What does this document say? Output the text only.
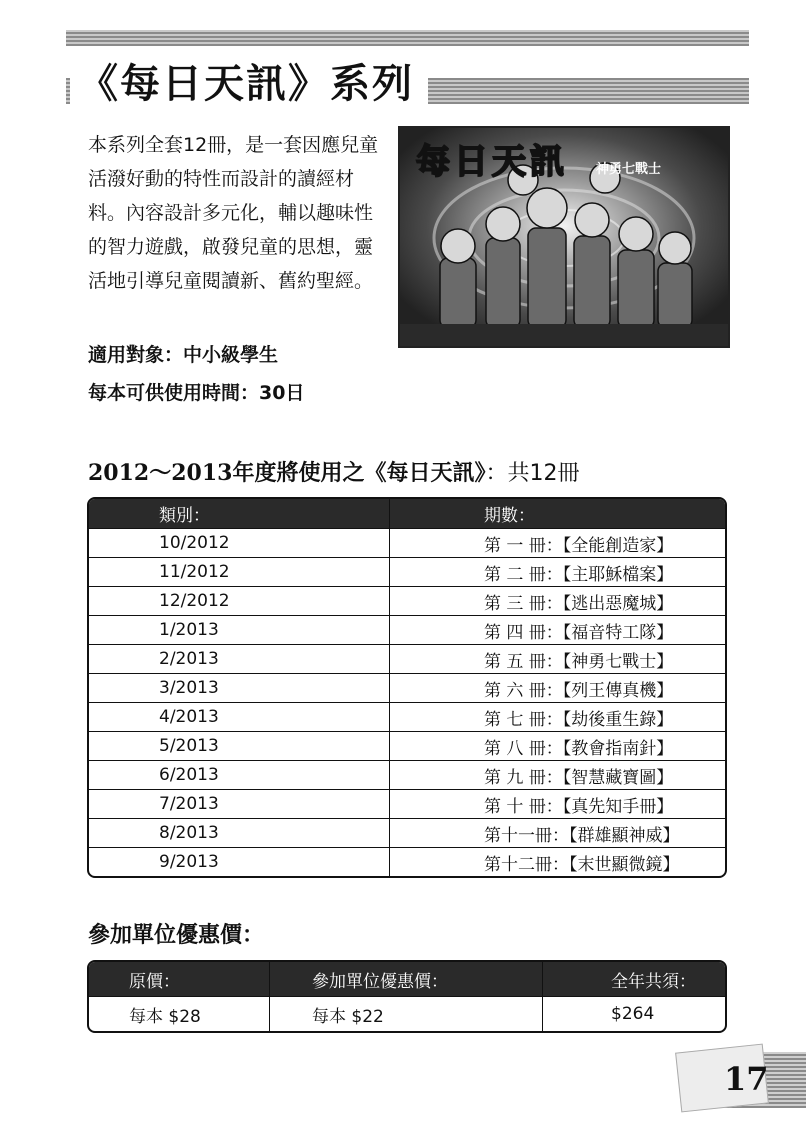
《每日天訊》系列

本系列全套12冊，是一套因應兒童活潑好動的特性而設計的讀經材料。內容設計多元化，輔以趣味性的智力遊戲，啟發兒童的思想，靈活地引導兒童閱讀新、舊約聖經。

適用對象：中小級學生

每本可供使用時間：30日

每日天訊 神勇七戰士
2012～2013年度將使用之《每日天訊》：共12冊
類別：	期數：
10/2012	第 一 冊：【全能創造家】
11/2012	第 二 冊：【主耶穌檔案】
12/2012	第 三 冊：【逃出惡魔城】
1/2013	第 四 冊：【福音特工隊】
2/2013	第 五 冊：【神勇七戰士】
3/2013	第 六 冊：【列王傳真機】
4/2013	第 七 冊：【劫後重生錄】
5/2013	第 八 冊：【教會指南針】
6/2013	第 九 冊：【智慧藏寶圖】
7/2013	第 十 冊：【真先知手冊】
8/2013	第十一冊：【群雄顯神威】
9/2013	第十二冊：【末世顯微鏡】
參加單位優惠價：
原價：	參加單位優惠價：	全年共須：
每本 $28	每本 $22	$264
17
